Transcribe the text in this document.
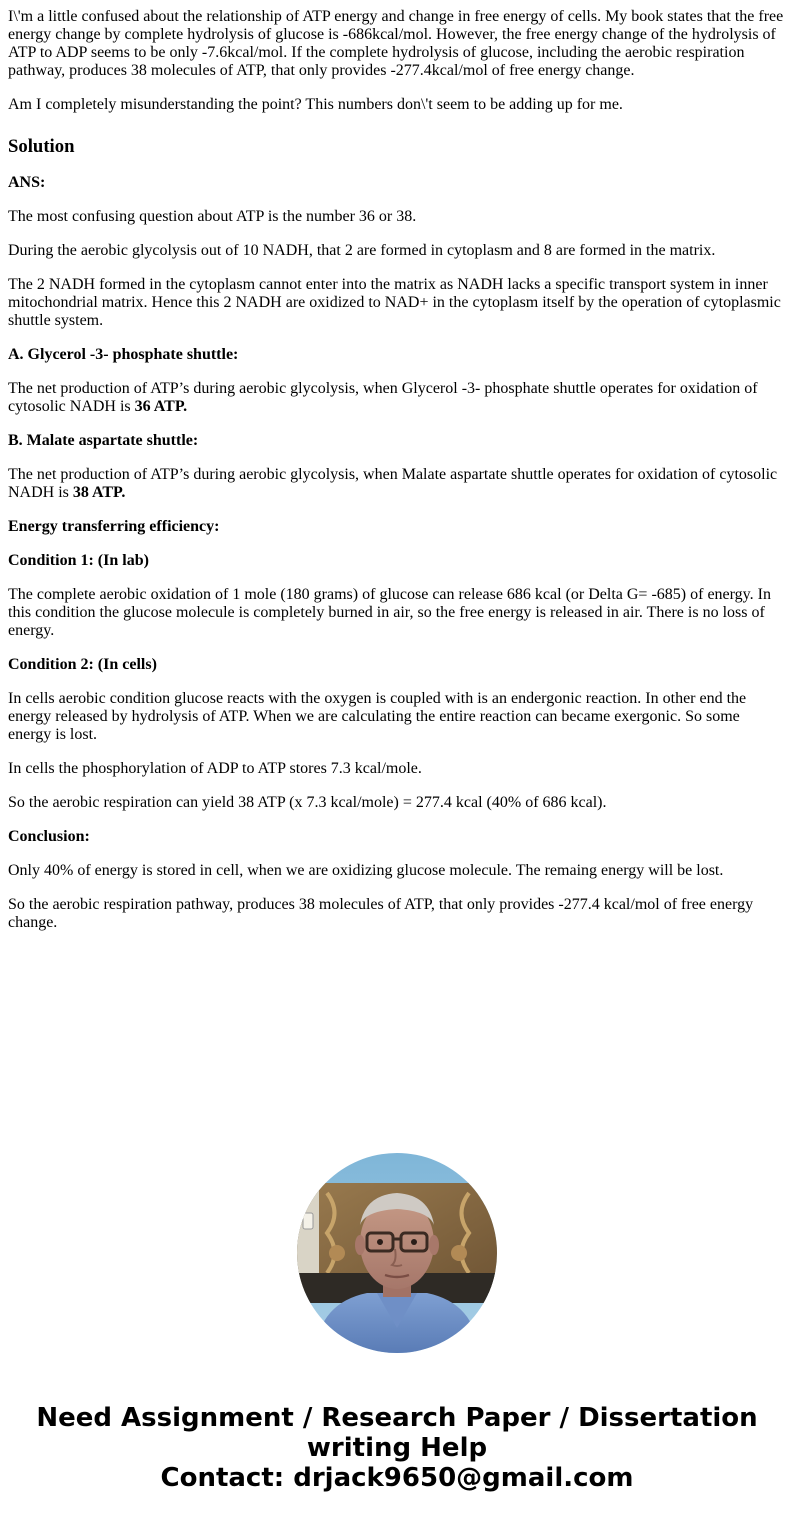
I\'m a little confused about the relationship of ATP energy and change in free energy of cells. My book states that the free energy change by complete hydrolysis of glucose is -686kcal/mol. However, the free energy change of the hydrolysis of ATP to ADP seems to be only -7.6kcal/mol. If the complete hydrolysis of glucose, including the aerobic respiration pathway, produces 38 molecules of ATP, that only provides -277.4kcal/mol of free energy change.

Am I completely misunderstanding the point? This numbers don\'t seem to be adding up for me.

Solution

ANS:

The most confusing question about ATP is the number 36 or 38.

During the aerobic glycolysis out of 10 NADH, that 2 are formed in cytoplasm and 8 are formed in the matrix.

The 2 NADH formed in the cytoplasm cannot enter into the matrix as NADH lacks a specific transport system in inner mitochondrial matrix. Hence this 2 NADH are oxidized to NAD+ in the cytoplasm itself by the operation of cytoplasmic shuttle system.

A. Glycerol -3- phosphate shuttle:

The net production of ATP’s during aerobic glycolysis, when Glycerol -3- phosphate shuttle operates for oxidation of cytosolic NADH is 36 ATP.

B. Malate aspartate shuttle:

The net production of ATP’s during aerobic glycolysis, when Malate aspartate shuttle operates for oxidation of cytosolic NADH is 38 ATP.

Energy transferring efficiency:

Condition 1: (In lab)

The complete aerobic oxidation of 1 mole (180 grams) of glucose can release 686 kcal (or Delta G= -685) of energy. In this condition the glucose molecule is completely burned in air, so the free energy is released in air. There is no loss of energy.

Condition 2: (In cells)

In cells aerobic condition glucose reacts with the oxygen is coupled with is an endergonic reaction. In other end the energy released by hydrolysis of ATP. When we are calculating the entire reaction can became exergonic. So some energy is lost.

In cells the phosphorylation of ADP to ATP stores 7.3 kcal/mole.

So the aerobic respiration can yield 38 ATP (x 7.3 kcal/mole) = 277.4 kcal (40% of 686 kcal).

Conclusion:

Only 40% of energy is stored in cell, when we are oxidizing glucose molecule. The remaing energy will be lost.

So the aerobic respiration pathway, produces 38 molecules of ATP, that only provides -277.4 kcal/mol of free energy change.

Need Assignment / Research Paper / Dissertation
writing Help
Contact: drjack9650@gmail.com
